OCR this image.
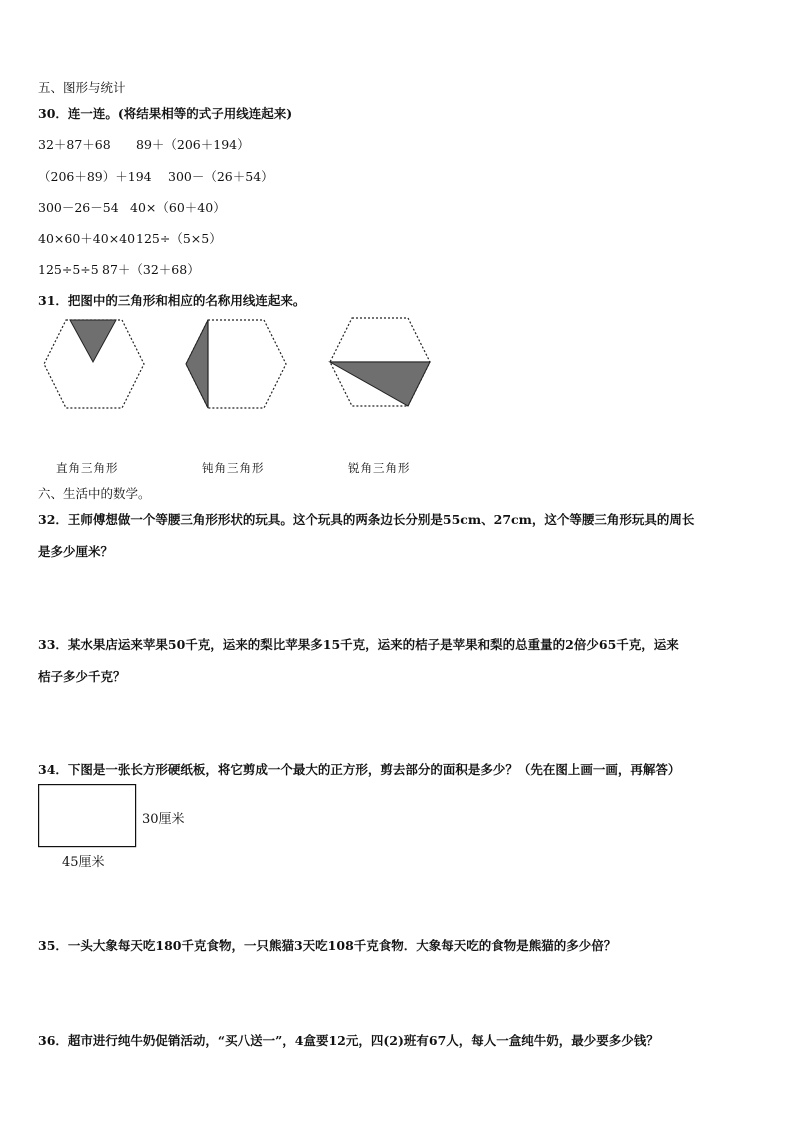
五、图形与统计
30．连一连。(将结果相等的式子用线连起来)
32＋87＋68 89＋（206＋194）
（206＋89）＋194 300－（26＋54）
300－26－54 40×（60＋40）
40×60＋40×40125÷（5×5）
125÷5÷5 87＋（32＋68）
31．把图中的三角形和相应的名称用线连起来。
直角三角形	钝角三角形	锐角三角形
六、生活中的数学。
32．王师傅想做一个等腰三角形形状的玩具。这个玩具的两条边长分别是55cm、27cm，这个等腰三角形玩具的周长
是多少厘米？
33．某水果店运来苹果50千克，运来的梨比苹果多15千克，运来的桔子是苹果和梨的总重量的2倍少65千克，运来
桔子多少千克？
34．下图是一张长方形硬纸板，将它剪成一个最大的正方形，剪去部分的面积是多少？（先在图上画一画，再解答）
30厘米
45厘米
35．一头大象每天吃180千克食物，一只熊猫3天吃108千克食物．大象每天吃的食物是熊猫的多少倍？
36．超市进行纯牛奶促销活动，“买八送一”，4盒要12元，四(2)班有67人，每人一盒纯牛奶，最少要多少钱？
